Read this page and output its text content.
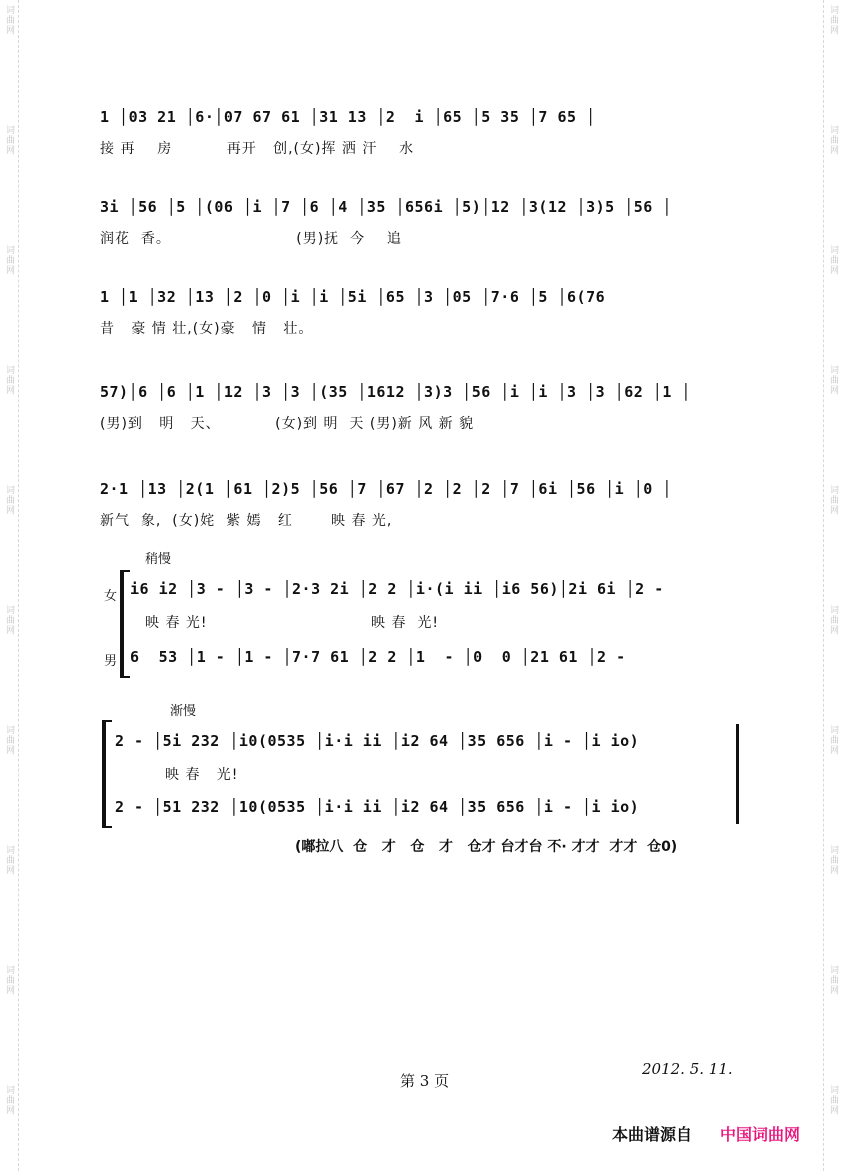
词曲网
词曲网
词曲网
词曲网
词曲网
词曲网
词曲网
词曲网
词曲网
词曲网
词曲网
词曲网
词曲网
词曲网
词曲网
词曲网
词曲网
词曲网
词曲网
词曲网
1 │03 21 │6·│07 67 61 │31 13 │2  i │65 │5 35 │7 65 │
接 再    房          再开   创,(女)挥 洒 汗    水
3i │56 │5 │(06 │i │7 │6 │4 │35 │656i │5)│12 │3(12 │3)5 │56 │
润花  香。                       (男)抚  今    追
1 │1 │32 │13 │2 │0 │i │i │5i │65 │3 │05 │7·6 │5 │6(76
昔   豪 情 壮,(女)豪   情   壮。
57)│6 │6 │1 │12 │3 │3 │(35 │1612 │3)3 │56 │i │i │3 │3 │62 │1 │
(男)到   明   天、          (女)到 明  天 (男)新 风 新 貌
2·1 │13 │2(1 │61 │2)5 │56 │7 │67 │2 │2 │2 │7 │6i │56 │i │0 │
新气  象,  (女)姹  紫 嫣   红       映 春 光,
稍慢
女
男
i6 i2 │3 - │3 - │2·3 2i │2 2 │i·(i ii │i6 56)│2i 6i │2 -
映 春 光!                              映 春  光!
6  53 │1 - │1 - │7·7 61 │2 2 │1  - │0  0 │21 61 │2 -
渐慢
2 - │5i 232 │i0(0535 │i·i ii │i2 64 │35 656 │i - │i io)
映 春   光!
2 - │51 232 │10(0535 │i·i ii │i2 64 │35 656 │i - │i io)
(嘟拉八  仓   才   仓   才   仓才 台才台 不· 才才  才才  仓0)
第 3 页
2012. 5. 11.
本曲谱源自 中国词曲网
